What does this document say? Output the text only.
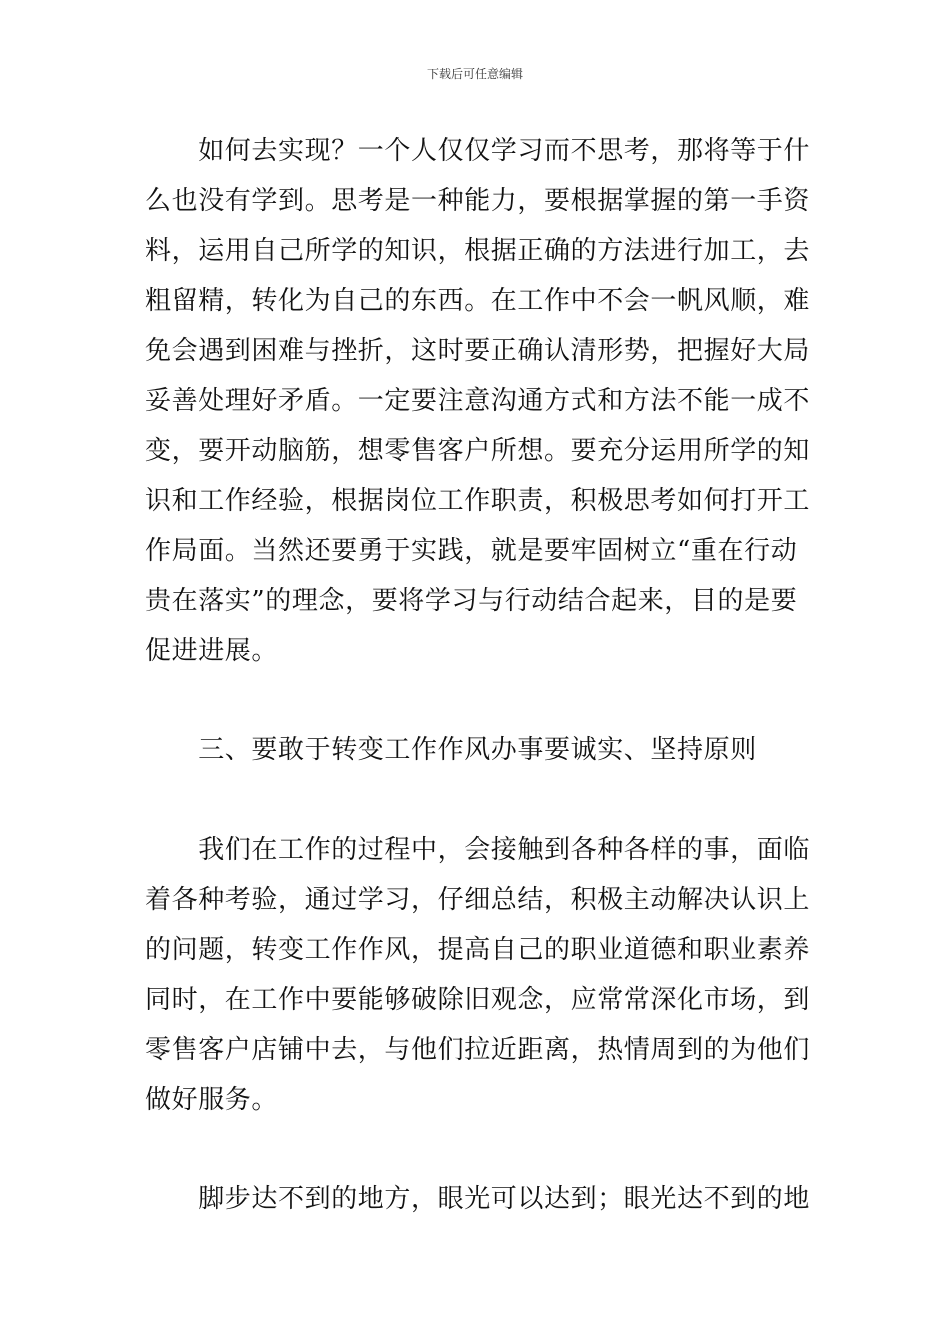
下载后可任意编辑
　　如何去实现？一个人仅仅学习而不思考，那将等于什
么也没有学到。思考是一种能力，要根据掌握的第一手资
料，运用自己所学的知识，根据正确的方法进行加工，去
粗留精，转化为自己的东西。在工作中不会一帆风顺，难
免会遇到困难与挫折，这时要正确认清形势，把握好大局
妥善处理好矛盾。一定要注意沟通方式和方法不能一成不
变，要开动脑筋，想零售客户所想。要充分运用所学的知
识和工作经验，根据岗位工作职责，积极思考如何打开工
作局面。当然还要勇于实践，就是要牢固树立“重在行动
贵在落实”的理念，要将学习与行动结合起来，目的是要
促进进展。
　　三、要敢于转变工作作风办事要诚实、坚持原则
　　我们在工作的过程中，会接触到各种各样的事，面临
着各种考验，通过学习，仔细总结，积极主动解决认识上
的问题，转变工作作风，提高自己的职业道德和职业素养
同时，在工作中要能够破除旧观念，应常常深化市场，到
零售客户店铺中去，与他们拉近距离，热情周到的为他们
做好服务。
　　脚步达不到的地方，眼光可以达到；眼光达不到的地
